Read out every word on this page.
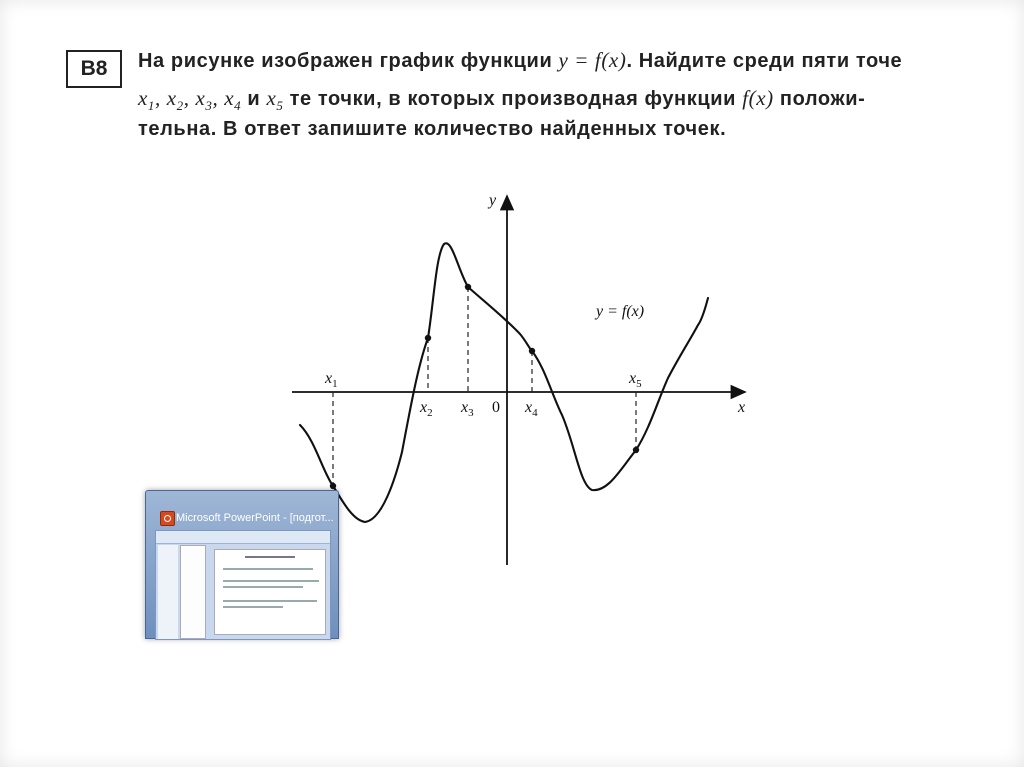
B8	На рисунке изображен график функции y = f(x). Найдите среди пяти точе
$x_1$, $x_2$, $x_3$, $x_4$ и $x_5$ те точки, в которых производная функции f(x) положи-
тельна. В ответ запишите количество найденных точек.
$x_1$
$x_2$ $x_3$	$x_4$
$x_5$
0	x
y
y = f(x)
Microsoft PowerPoint - [подгот...
